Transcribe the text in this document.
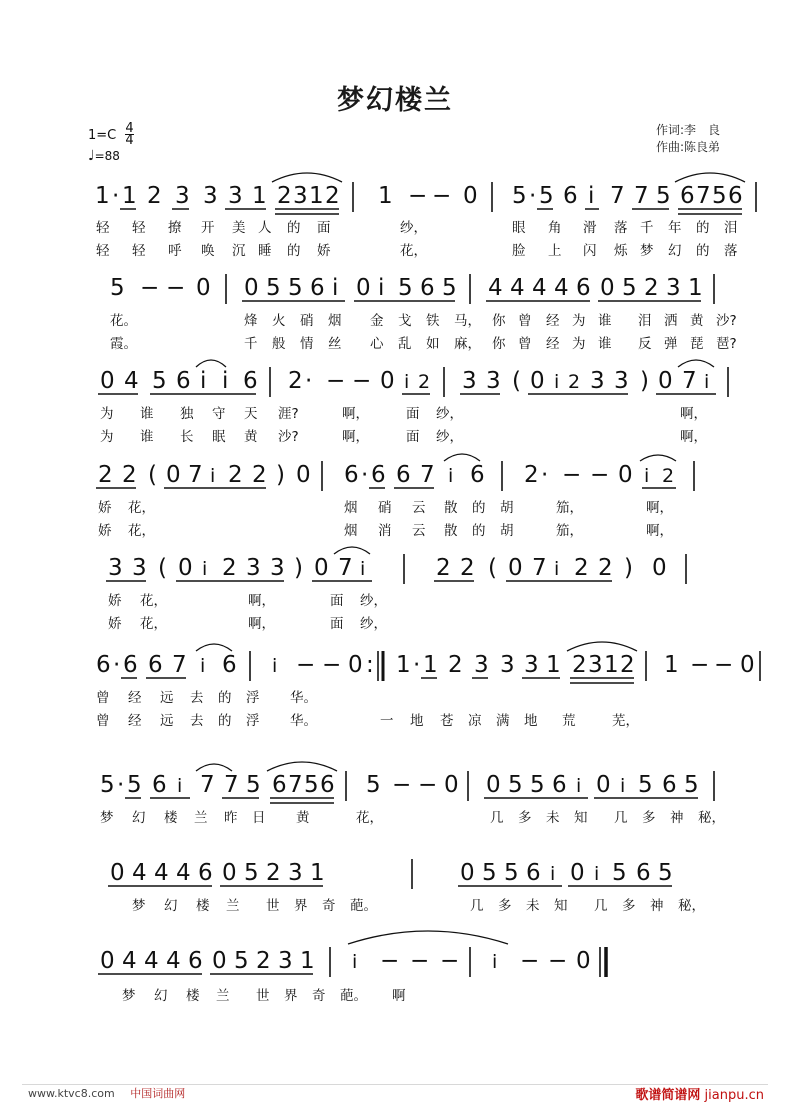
梦幻楼兰
作词:李　良
作曲:陈良弟
$1=C \frac{4}{4}$
♩=88
1 · 1 2 3 3 3 1 2 3 1 2 1 − − 0 5 · 5 6 i 7 7 5 6 7 5 6
轻 轻 撩 开 美 人 的 面	纱，	眼 角 滑 落 千 年 的 泪
轻 轻 呼 唤 沉 睡 的 娇	花，	脸 上 闪 烁 梦 幻 的 落
5 − − 0 0 5 5 6 i 0 i 5 6 5 4 4 4 4 6 0 5 2 3 1
花。	烽 火 硝 烟 金 戈 铁 马， 你 曾 经 为 谁 泪 洒 黄 沙?
霞。	千 般 情 丝 心 乱 如 麻， 你 曾 经 为 谁 反 弹 琵 琶?
0 4 5 6 i i 6 2 · − − 0 i 2 3 3 ( 0 i 2 3 3 ) 0 7 i
为 谁 独 守 天 涯?	啊，	面 纱，	啊，
为 谁 长 眠 黄 沙?	啊，	面 纱，	啊，
2 2 ( 0 7 i 2 2 ) 0 6 · 6 6 7 i 6 2 · − − 0 i 2
娇 花，	烟 硝 云 散 的 胡	笳，	啊，
娇 花，	烟 消 云 散 的 胡	笳，	啊，
3 3 ( 0 i 2 3 3 ) 0 7 i	2 2 ( 0 7 i 2 2 ) 0
娇 花，	啊，	面 纱，
娇 花，	啊，	面 纱，
6 · 6 6 7 i 6 i − − 0 : 1 · 1 2 3 3 3 1 2 3 1 2 1 − − 0
曾 经 远 去 的 浮 华。
曾 经 远 去 的 浮 华。	一 地 苍 凉 满 地 荒	芜，
5 · 5 6 i 7 7 5 6 7 5 6 5 − − 0 0 5 5 6 i 0 i 5 6 5
梦 幻 楼 兰 昨 日 黄	花，	几 多 未 知 几 多 神 秘，
0 4 4 4 6 0 5 2 3 1	0 5 5 6 i 0 i 5 6 5
梦 幻 楼 兰 世 界 奇 葩。	几 多 未 知 几 多 神 秘，
0 4 4 4 6 0 5 2 3 1 i − − − i − − 0
梦 幻 楼 兰 世 界 奇 葩。 啊
www.ktvc8.com 中国词曲网	歌谱简谱网 jianpu.cn
